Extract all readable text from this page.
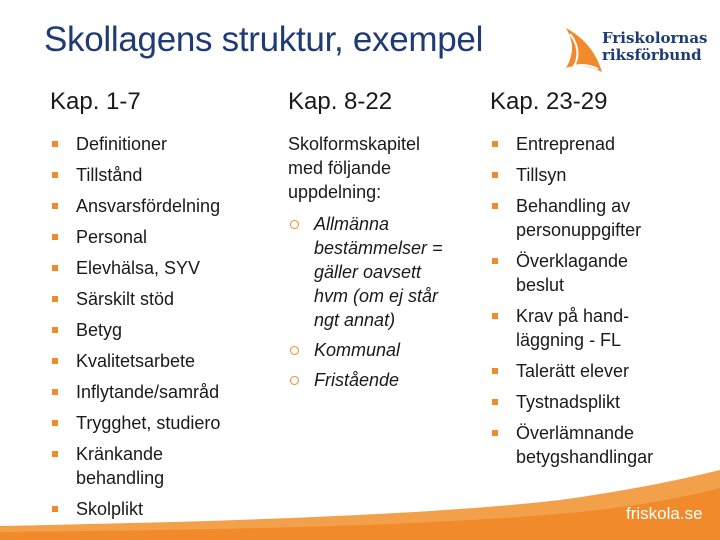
Skollagens struktur, exempel	Friskolornas
riksförbund
Kap. 1-7
Definitioner
Tillstånd
Ansvarsfördelning
Personal
Elevhälsa, SYV
Särskilt stöd
Betyg
Kvalitetsarbete
Inflytande/samråd
Trygghet, studiero
Kränkande
behandling
Skolplikt
Kap. 8-22
Skolformskapitel
med följande
uppdelning:
Allmänna
bestämmelser =
gäller oavsett
hvm (om ej står
ngt annat)
Kommunal
Fristående
Kap. 23-29
Entreprenad
Tillsyn
Behandling av
personuppgifter
Överklagande
beslut
Krav på hand-
läggning - FL
Talerätt elever
Tystnadsplikt
Överlämnande
betygshandlingar
friskola.se
